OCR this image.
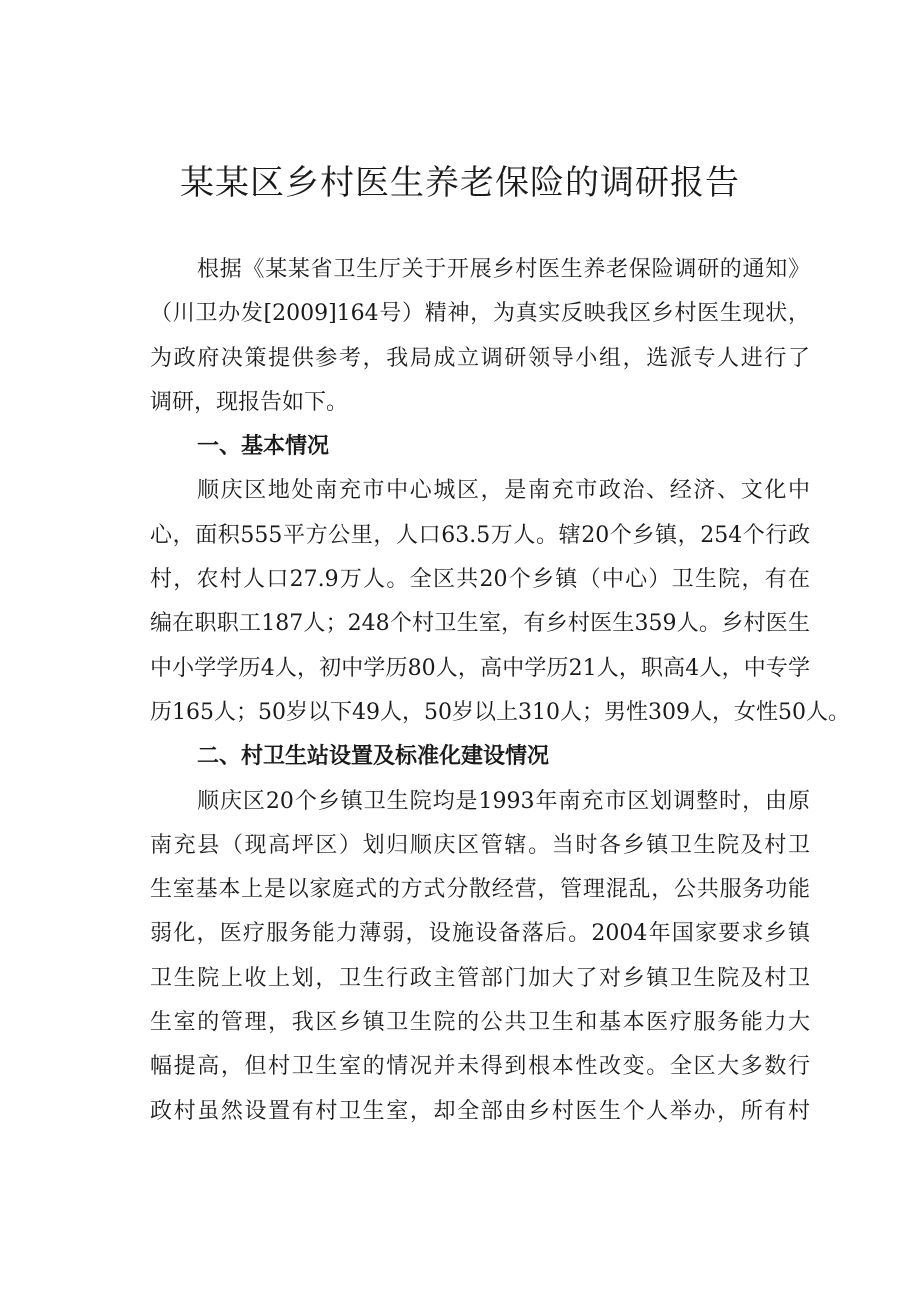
某某区乡村医生养老保险的调研报告
根据《某某省卫生厅关于开展乡村医生养老保险调研的通知》
（川卫办发[2009]164号）精神，为真实反映我区乡村医生现状，
为政府决策提供参考，我局成立调研领导小组，选派专人进行了
调研，现报告如下。
一、基本情况
顺庆区地处南充市中心城区，是南充市政治、经济、文化中
心，面积555平方公里，人口63.5万人。辖20个乡镇，254个行政
村，农村人口27.9万人。全区共20个乡镇（中心）卫生院，有在
编在职职工187人；248个村卫生室，有乡村医生359人。乡村医生
中小学学历4人，初中学历80人，高中学历21人，职高4人，中专学
历165人；50岁以下49人，50岁以上310人；男性309人，女性50人。
二、村卫生站设置及标准化建设情况
顺庆区20个乡镇卫生院均是1993年南充市区划调整时，由原
南充县（现高坪区）划归顺庆区管辖。当时各乡镇卫生院及村卫
生室基本上是以家庭式的方式分散经营，管理混乱，公共服务功能
弱化，医疗服务能力薄弱，设施设备落后。2004年国家要求乡镇
卫生院上收上划，卫生行政主管部门加大了对乡镇卫生院及村卫
生室的管理，我区乡镇卫生院的公共卫生和基本医疗服务能力大
幅提高，但村卫生室的情况并未得到根本性改变。全区大多数行
政村虽然设置有村卫生室，却全部由乡村医生个人举办，所有村
